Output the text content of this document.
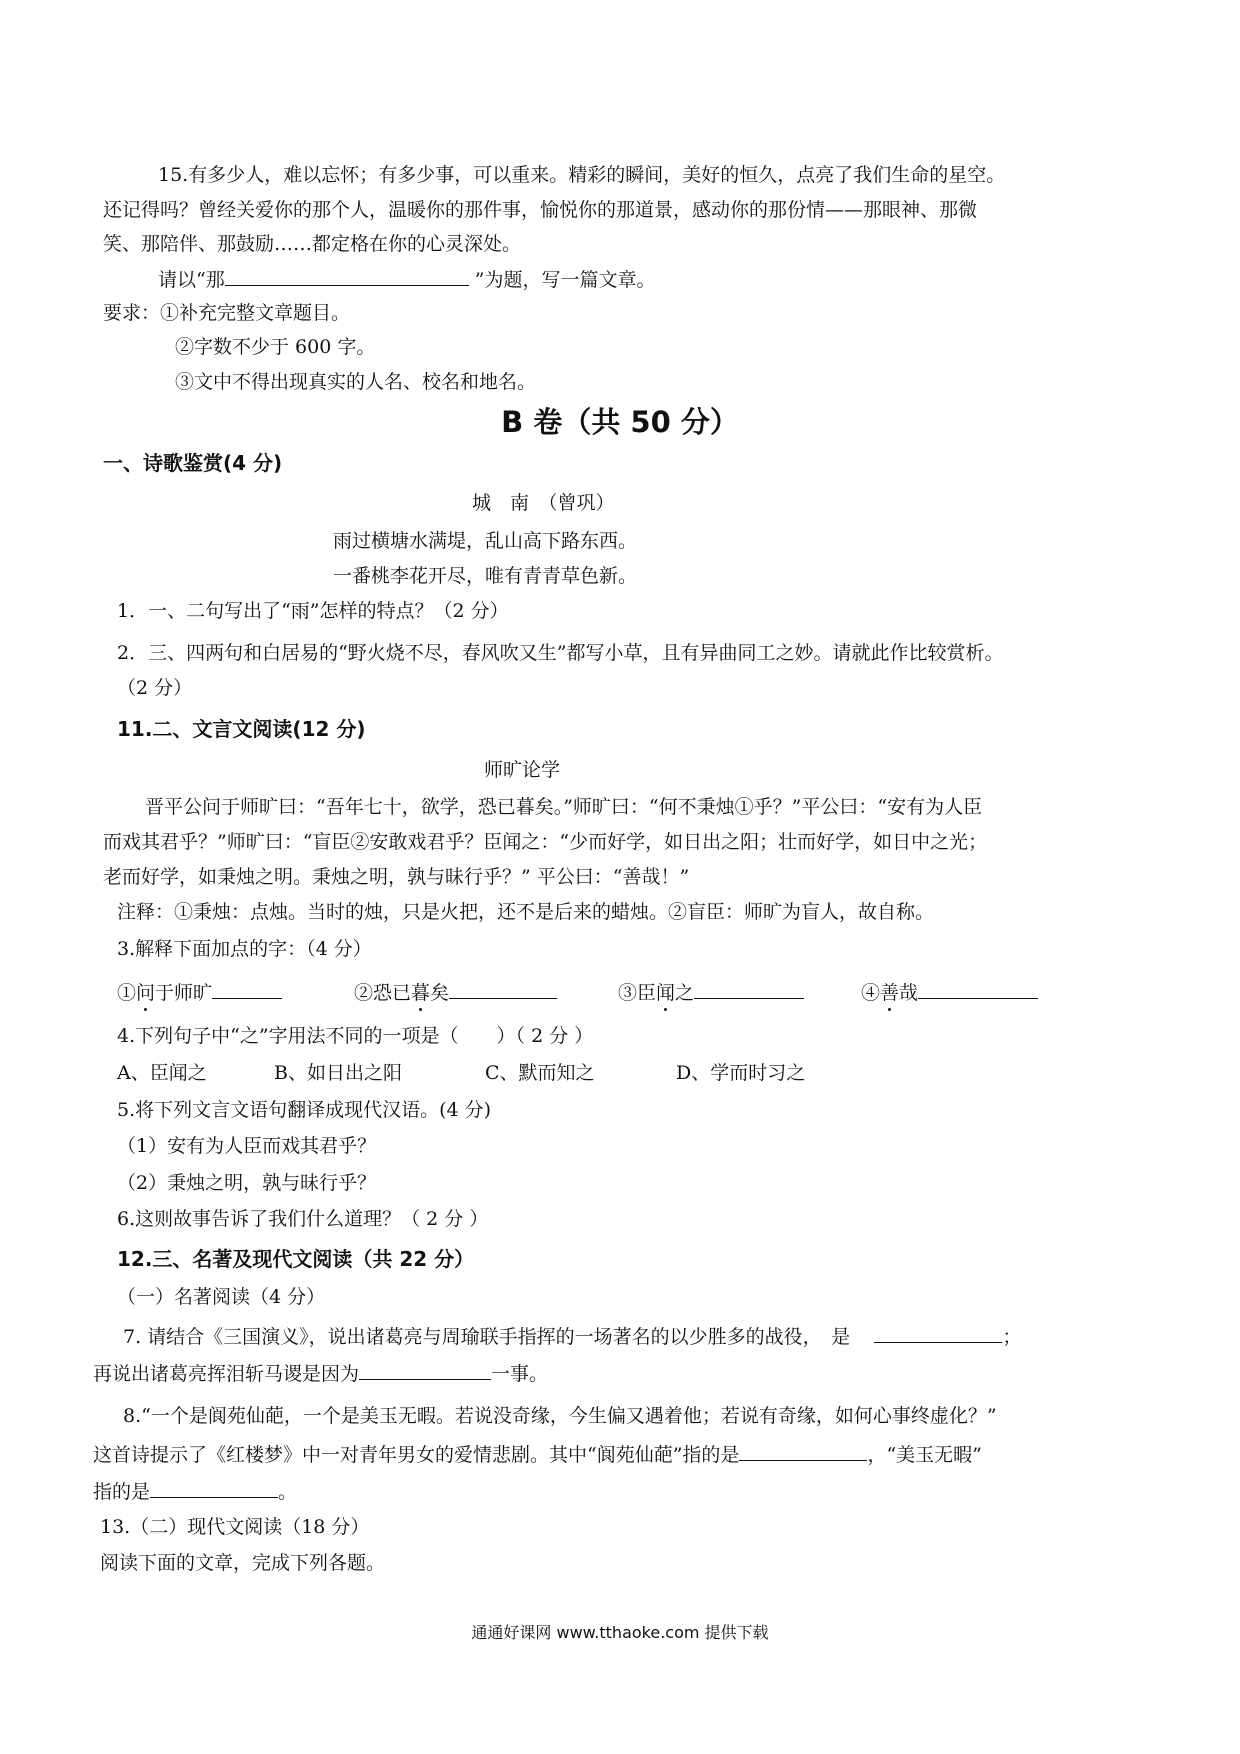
15.有多少人，难以忘怀；有多少事，可以重来。精彩的瞬间，美好的恒久，点亮了我们生命的星空。
还记得吗？曾经关爱你的那个人，温暖你的那件事，愉悦你的那道景，感动你的那份情——那眼神、那微
笑、那陪伴、那鼓励……都定格在你的心灵深处。
请以“那	”为题，写一篇文章。
要求：①补充完整文章题目。
②字数不少于 600 字。
③文中不得出现真实的人名、校名和地名。
B 卷（共 50 分）
一、诗歌鉴赏(4 分)
城　南　（曾巩）
雨过横塘水满堤，乱山高下路东西。
一番桃李花开尽，唯有青青草色新。
1．一、二句写出了“雨”怎样的特点？（2 分）
2．三、四两句和白居易的“野火烧不尽，春风吹又生”都写小草，且有异曲同工之妙。请就此作比较赏析。
（2 分）
11.二、文言文阅读(12 分)
师旷论学
晋平公问于师旷曰：“吾年七十，欲学，恐已暮矣。”师旷曰：“何不秉烛①乎？”平公曰：“安有为人臣
而戏其君乎？”师旷曰：“盲臣②安敢戏君乎？臣闻之：“少而好学，如日出之阳；壮而好学，如日中之光；
老而好学，如秉烛之明。秉烛之明，孰与昧行乎？” 平公曰：“善哉！”
注释：①秉烛：点烛。当时的烛，只是火把，还不是后来的蜡烛。②盲臣：师旷为盲人，故自称。
3.解释下面加点的字：（4 分）
①问于师旷	②恐已暮矣	③臣闻之	④善哉
4.下列句子中“之”字用法不同的一项是（　　）（ 2 分 ）
A、臣闻之	B、如日出之阳	C、默而知之	D、学而时习之
5.将下列文言文语句翻译成现代汉语。(4 分)
（1）安有为人臣而戏其君乎？
（2）秉烛之明，孰与昧行乎？
6.这则故事告诉了我们什么道理？（ 2 分 ）
12.三、名著及现代文阅读（共 22 分）
（一）名著阅读（4 分）
7. 请结合《三国演义》，说出诸葛亮与周瑜联手指挥的一场著名的以少胜多的战役，　是	；
再说出诸葛亮挥泪斩马谡是因为	一事。
8.“一个是阆苑仙葩，一个是美玉无暇。若说没奇缘，今生偏又遇着他；若说有奇缘，如何心事终虚化？”
这首诗提示了《红楼梦》中一对青年男女的爱情悲剧。其中“阆苑仙葩”指的是	，“美玉无暇”
指的是	。
13.（二）现代文阅读（18 分）
阅读下面的文章，完成下列各题。
通通好课网 www.tthaoke.com 提供下载
